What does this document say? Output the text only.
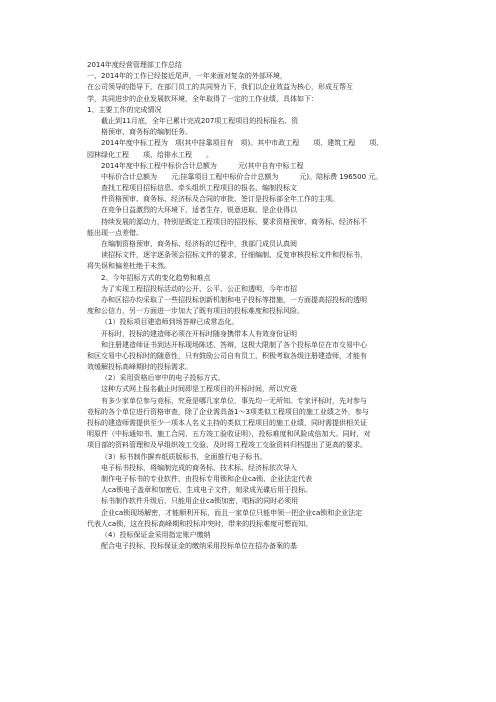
2014年度经营管理部工作总结
一、2014年的工作已经接近尾声，一年来面对复杂的外部环境，
在公司领导的指导下，在部门员工的共同努力下，我们以企业效益为核心，形成互帮互
学，共同进步的企业发展软环境，全年取得了一定的工作业绩，具体如下：
1、主要工作的完成情况
截止到11月底，全年已累计完成207项工程项目的投标报名、资
格预审、商务标的编制任务。
2014年度中标工程为　项(其中挂靠项目有　项)。其中市政工程　　项、建筑工程　　项、
园林绿化工程　　项、给排水工程　　。
2014年度中标工程中标价合计总额为　　　元(其中自有中标工程
中标价合计总额为　　元;挂靠项目工程中标价合计总额为　　　元)。陪标费 196500 元。
查找工程项目招标信息、牵头组织工程项目的报名、编制投标文
件资格预审、商务标、经济标及合同的审批、签订是投标部全年工作的主项。
在竞争日益激烈的大环境下，适者生存、锐意进取，是企业得以
持续发展的源动力，特别是既定工程项目的招投标，要求资格预审、商务标、经济标不
能出现一点差错。
在编制资格预审、商务标、经济标的过程中，我部门成员认真阅
读招标文件，逐字逐条领会招标文件的要求，仔细编制、反复审核投标文件和投标书，
将失误和偏差杜绝于未然。
2、今年招标方式的变化趋势和难点
为了实现工程招投标活动的公开、公平、公正和透明，今年市招
办和区招办均采取了一些招投标创新机制和电子投标等措施，一方面提高招投标的透明
度和公信力，另一方面进一步加大了既有项目的投标难度和投标风险。
（1）投标项目建造师到场答辩已成常态化。
开标时，投标的建造师必须在开标时随身携带本人有效身份证明
和注册建造师证书到达开标现场陈述、答辩，这极大限制了各个投标单位在市交易中心
和区交易中心投标时的随意性，只有鼓励公司自有员工，积极考取各级注册建造师，才能有
效缓解投标高峰期时的投标需求。
（2）采用资格后审中的电子投标方式。
这种方式网上报名截止时间即是工程项目的开标时间，所以究竟
有多少家单位参与竞标，究竟是哪几家单位，事先均一无所知。专家评标时，先对参与
竞标的各个单位进行资格审查，除了企业需具备1～3项类似工程项目的施工业绩之外，参与
投标的建造师需提供至少一项本人名义主持的类似工程项目的施工业绩，同时需提供相关证
明原件（中标通知书、施工合同、五方竣工验收证明），投标难度和风险成倍加大。同时，对
项目部的资料管理和及早组织竣工交验、及时将工程竣工交验资料归档提出了更高的要求。
（3）标书制作摒弃纸质版标书，全面推行电子标书。
电子标书投标，将编制完成的商务标、技术标、经济标依次导入
制作电子标书的专业软件，由投标专用锁和企业ca锁、企业法定代表
人ca锁电子盖章和加密后，生成电子文件，刻录成光碟后用于投标。
标书制作软件升级后，只能用企业ca锁加密，唱标的同时必须用
企业ca锁现场解密，才能顺利开标，而且一家单位只能申领一把企业ca锁和企业法定
代表人ca锁，这在投标高峰期和投标冲突时，带来的投标难度可想而知。
（4）投标保证金采用指定账户缴纳
配合电子投标，投标保证金的缴纳采用投标单位在招办备案的基
